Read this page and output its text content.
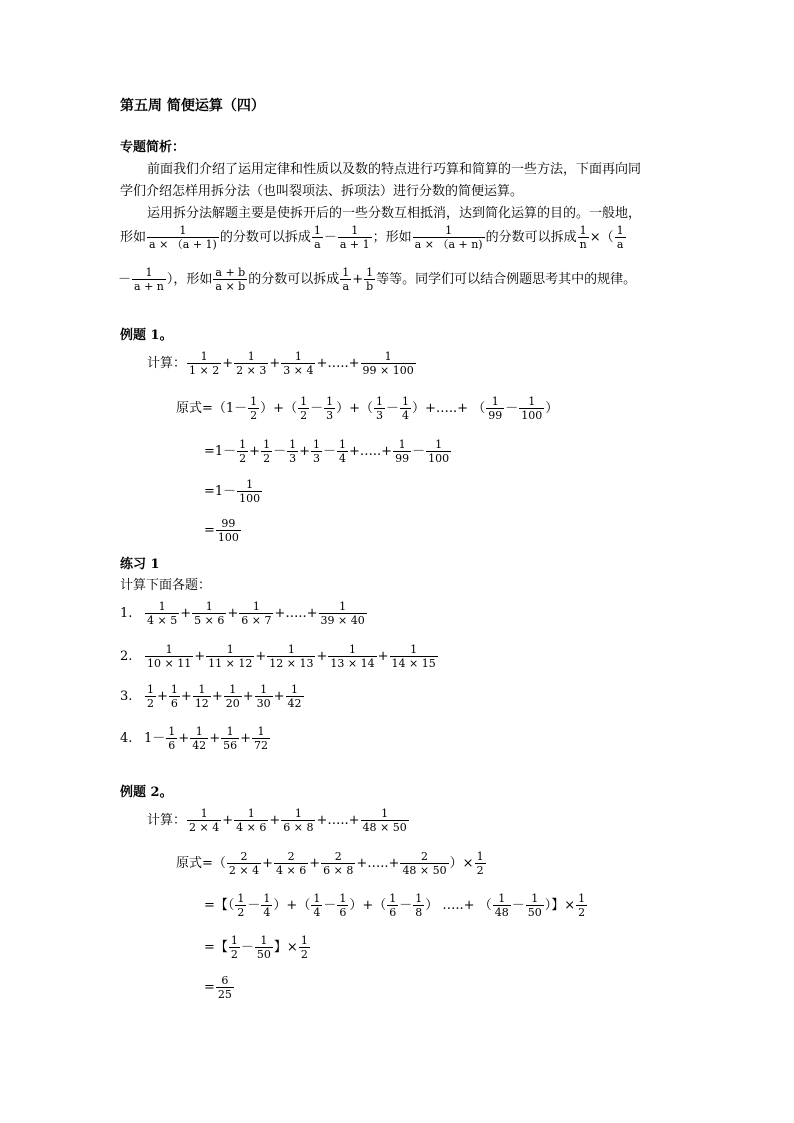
第五周 简便运算（四）
专题简析：
前面我们介绍了运用定律和性质以及数的特点进行巧算和简算的一些方法，下面再向同
学们介绍怎样用拆分法（也叫裂项法、拆项法）进行分数的简便运算。
运用拆分法解题主要是使拆开后的一些分数互相抵消，达到简化运算的目的。一般地，
形如 $\frac{1}{a \times (a + 1)}$ 的分数可以拆成 $\frac{1}{a} - \frac{1}{a + 1}$ ；形如 $\frac{1}{a \times (a + n)}$ 的分数可以拆成 $\frac{1}{n}$ ×（ $\frac{1}{a}$
－ $\frac{1}{a + n}$ ），形如 $\frac{a + b}{a \times b}$ 的分数可以拆成 $\frac{1}{a} + \frac{1}{b}$ 等等。同学们可以结合例题思考其中的规律。
例题 1。
计算： $\frac{1}{1 \times 2} + \frac{1}{2 \times 3} + \frac{1}{3 \times 4}$ +…..+ $\frac{1}{99 \times 100}$
原式$=(1- \frac{1}{2}$ ）+（ $\frac{1}{2} - \frac{1}{3}$ ）+（ $\frac{1}{3} - \frac{1}{4}$ ）+…..+ （ $\frac{1}{99} - \frac{1}{100}$ ）
$=1- \frac{1}{2} + \frac{1}{2} - \frac{1}{3} + \frac{1}{3} - \frac{1}{4}$ +…..+ $\frac{1}{99} - \frac{1}{100}$
$=1- \frac{1}{100}$
= $\frac{99}{100}$
练习 1
计算下面各题：
1. $\frac{1}{4 \times 5} + \frac{1}{5 \times 6} + \frac{1}{6 \times 7}$ +…..+ $\frac{1}{39 \times 40}$
2. $\frac{1}{10 \times 11} + \frac{1}{11 \times 12} + \frac{1}{12 \times 13} + \frac{1}{13 \times 14} + \frac{1}{14 \times 15}$
3. $\frac{1}{2} + \frac{1}{6} + \frac{1}{12} + \frac{1}{20} + \frac{1}{30} + \frac{1}{42}$
4. $1- \frac{1}{6} + \frac{1}{42} + \frac{1}{56} + \frac{1}{72}$
例题 2。
计算： $\frac{1}{2 \times 4} + \frac{1}{4 \times 6} + \frac{1}{6 \times 8}$ +…..+ $\frac{1}{48 \times 50}$
原式=（ $\frac{2}{2 \times 4} + \frac{2}{4 \times 6} + \frac{2}{6 \times 8}$ +…..+ $\frac{2}{48 \times 50}$ ）× $\frac{1}{2}$
=【（ $\frac{1}{2} - \frac{1}{4}$ ）+（ $\frac{1}{4} - \frac{1}{6}$ ）+（ $\frac{1}{6} - \frac{1}{8}$ ） …..+ （ $\frac{1}{48} - \frac{1}{50}$ ）】× $\frac{1}{2}$
=【 $\frac{1}{2} - \frac{1}{50}$ 】× $\frac{1}{2}$
= $\frac{6}{25}$
